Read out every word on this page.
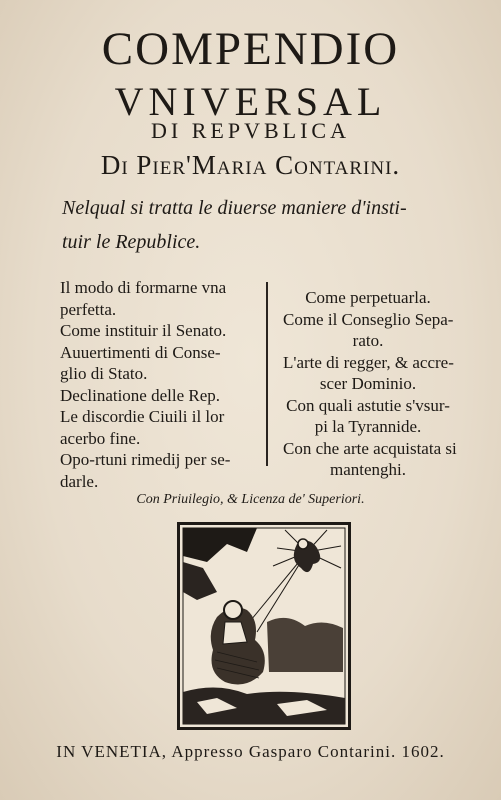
COMPENDIO
VNIVERSAL
DI REPVBLICA
Di Pier'Maria Contarini.
Nelqual si tratta le diuerse maniere d'insti-
tuir le Republice.
Il modo di formarne vna
perfetta.
Come instituir il Senato.
Auuertimenti di Conse-
glio di Stato.
Declinatione delle Rep.
Le discordie Ciuili il lor
acerbo fine.
Opo-rtuni rimedij per se-
darle.
Come perpetuarla.
Come il Conseglio Sepa-
rato.
L'arte di regger, & accre-
scer Dominio.
Con quali astutie s'vsur-
pi la Tyrannide.
Con che arte acquistata si
mantenghi.
Con Priuilegio, & Licenza de' Superiori.
IN VENETIA, Appresso Gasparo Contarini. 1602.
